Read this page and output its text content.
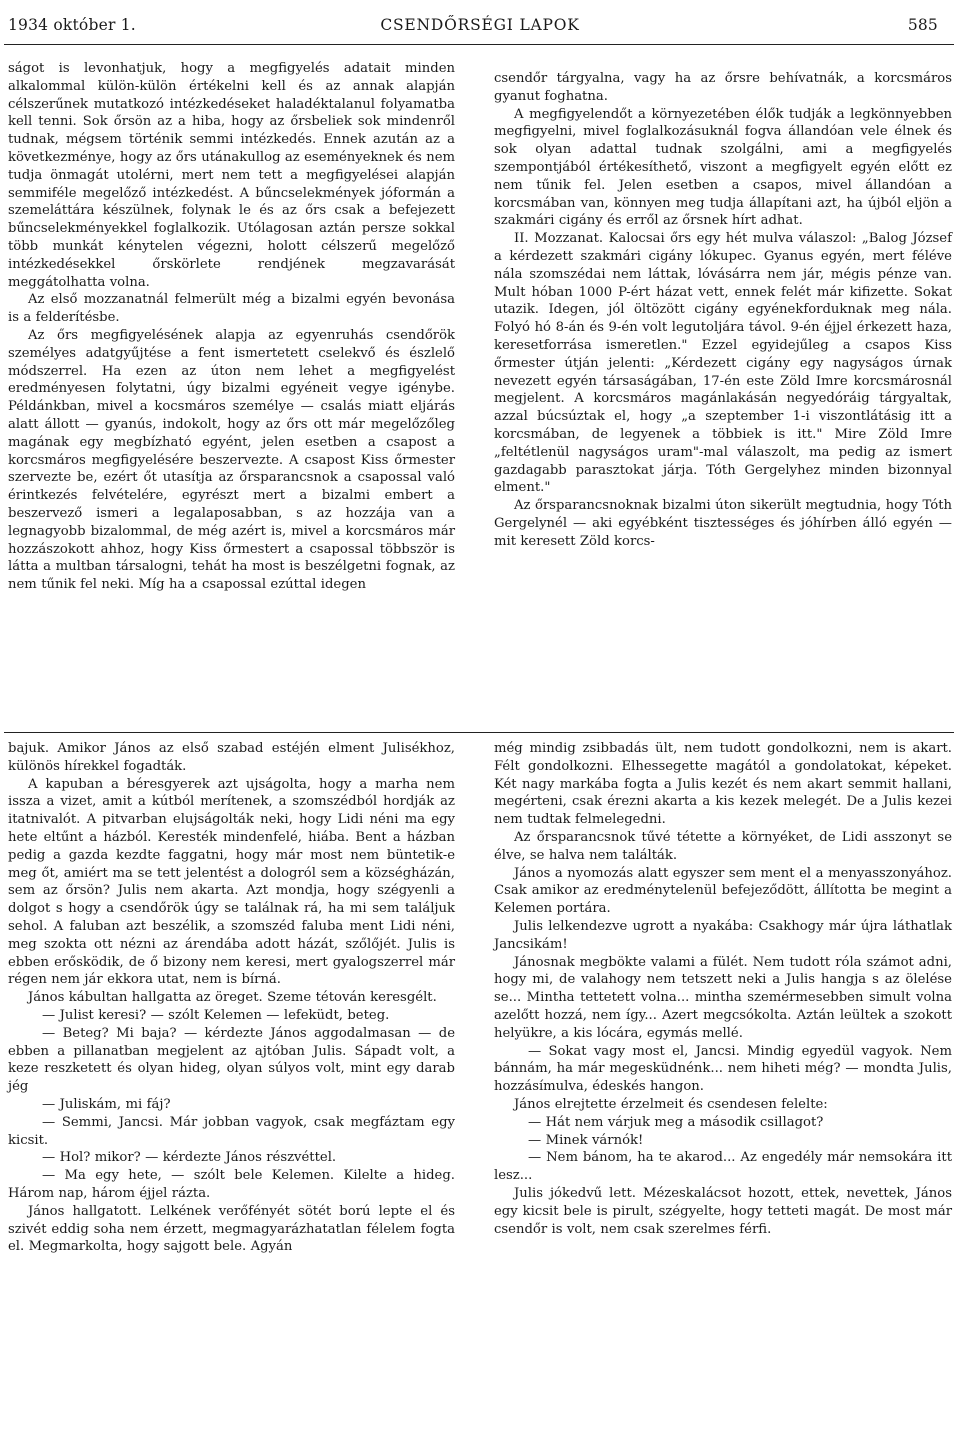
1934 október 1.	CSENDŐRSÉGI LAPOK	585

ságot is levonhatjuk, hogy a megfigyelés adatait minden alkalommal külön-külön értékelni kell és az annak alapján célszerűnek mutatkozó intézkedéseket haladéktalanul folyamatba kell tenni. Sok őrsön az a hiba, hogy az őrsbeliek sok mindenről tudnak, mégsem történik semmi intézkedés. Ennek azután az a következménye, hogy az őrs utánakullog az eseményeknek és nem tudja önmagát utolérni, mert nem tett a megfigyelései alapján semmiféle megelőző intézkedést. A bűncselekmények jóformán a szemeláttára készülnek, folynak le és az őrs csak a befejezett bűncselekményekkel foglalkozik. Utólagosan aztán persze sokkal több munkát kénytelen végezni, holott célszerű megelőző intézkedésekkel őrskörlete rendjének megzavarását meggátolhatta volna.

Az első mozzanatnál felmerült még a bizalmi egyén bevonása is a felderítésbe.

Az őrs megfigyelésének alapja az egyenruhás csendőrök személyes adatgyűjtése a fent ismertetett cselekvő és észlelő módszerrel. Ha ezen az úton nem lehet a megfigyelést eredményesen folytatni, úgy bizalmi egyéneit vegye igénybe. Példánkban, mivel a kocsmáros személye — csalás miatt eljárás alatt állott — gyanús, indokolt, hogy az őrs ott már megelőzőleg magának egy megbízható egyént, jelen esetben a csapost a korcsmáros megfigyelésére beszervezte. A csapost Kiss őrmester szervezte be, ezért őt utasítja az őrsparancsnok a csapossal való érintkezés felvételére, egyrészt mert a bizalmi embert a beszervező ismeri a legalaposabban, s az hozzája van a legnagyobb bizalommal, de még azért is, mivel a korcsmáros már hozzászokott ahhoz, hogy Kiss őrmestert a csapossal többször is látta a multban társalogni, tehát ha most is beszélgetni fognak, az nem tűnik fel neki. Míg ha a csapossal ezúttal idegen

csendőr tárgyalna, vagy ha az őrsre behívatnák, a korcsmáros gyanut foghatna.

A megfigyelendőt a környezetében élők tudják a legkönnyebben megfigyelni, mivel foglalkozásuknál fogva állandóan vele élnek és sok olyan adattal tudnak szolgálni, ami a megfigyelés szempontjából értékesíthető, viszont a megfigyelt egyén előtt ez nem tűnik fel. Jelen esetben a csapos, mivel állandóan a korcsmában van, könnyen meg tudja állapítani azt, ha újból eljön a szakmári cigány és erről az őrsnek hírt adhat.

II. Mozzanat. Kalocsai őrs egy hét mulva válaszol: „Balog József a kérdezett szakmári cigány lókupec. Gyanus egyén, mert féléve nála szomszédai nem láttak, lóvásárra nem jár, mégis pénze van. Mult hóban 1000 P-ért házat vett, ennek felét már kifizette. Sokat utazik. Idegen, jól öltözött cigány egyénekforduknak meg nála. Folyó hó 8-án és 9-én volt legutoljára távol. 9-én éjjel érkezett haza, keresetforrása ismeretlen." Ezzel egyidejűleg a csapos Kiss őrmester útján jelenti: „Kérdezett cigány egy nagyságos úrnak nevezett egyén társaságában, 17-én este Zöld Imre korcsmárosnál megjelent. A korcsmáros magánlakásán negyedóráig tárgyaltak, azzal búcsúztak el, hogy „a szeptember 1-i viszontlátásig itt a korcsmában, de legyenek a többiek is itt." Mire Zöld Imre „feltétlenül nagyságos uram"-mal válaszolt, ma pedig az ismert gazdagabb parasztokat járja. Tóth Gergelyhez minden bizonnyal elment."

Az őrsparancsnoknak bizalmi úton sikerült megtudnia, hogy Tóth Gergelynél — aki egyébként tisztességes és jóhírben álló egyén — mit keresett Zöld korcs-

bajuk. Amikor János az első szabad estéjén elment Julisékhoz, különös hírekkel fogadták.

A kapuban a béresgyerek azt ujságolta, hogy a marha nem issza a vizet, amit a kútból merítenek, a szomszédból hordják az itatnivalót. A pitvarban elujságolták neki, hogy Lidi néni ma egy hete eltűnt a házból. Keresték mindenfelé, hiába. Bent a házban pedig a gazda kezdte faggatni, hogy már most nem büntetik-e meg őt, amiért ma se tett jelentést a dologról sem a községházán, sem az őrsön? Julis nem akarta. Azt mondja, hogy szégyenli a dolgot s hogy a csendőrök úgy se találnak rá, ha mi sem találjuk sehol. A faluban azt beszélik, a szomszéd faluba ment Lidi néni, meg szokta ott nézni az árendába adott házát, szőlőjét. Julis is ebben erősködik, de ő bizony nem keresi, mert gyalogszerrel már régen nem jár ekkora utat, nem is bírná.

János kábultan hallgatta az öreget. Szeme tétován keresgélt.

— Julist keresi? — szólt Kelemen — lefeküdt, beteg.

— Beteg? Mi baja? — kérdezte János aggodalmasan — de ebben a pillanatban megjelent az ajtóban Julis. Sápadt volt, a keze reszketett és olyan hideg, olyan súlyos volt, mint egy darab jég

— Juliskám, mi fáj?

— Semmi, Jancsi. Már jobban vagyok, csak megfáztam egy kicsit.

— Hol? mikor? — kérdezte János részvéttel.

— Ma egy hete, — szólt bele Kelemen. Kilelte a hideg. Három nap, három éjjel rázta.

János hallgatott. Lelkének verőfényét sötét ború lepte el és szivét eddig soha nem érzett, megmagyarázhatatlan félelem fogta el. Megmarkolta, hogy sajgott bele. Agyán

még mindig zsibbadás ült, nem tudott gondolkozni, nem is akart. Félt gondolkozni. Elhessegette magától a gondolatokat, képeket. Két nagy markába fogta a Julis kezét és nem akart semmit hallani, megérteni, csak érezni akarta a kis kezek melegét. De a Julis kezei nem tudtak felmelegedni.

Az őrsparancsnok tűvé tétette a környéket, de Lidi asszonyt se élve, se halva nem találták.

János a nyomozás alatt egyszer sem ment el a menyasszonyához. Csak amikor az eredménytelenül befejeződött, állította be megint a Kelemen portára.

Julis lelkendezve ugrott a nyakába: Csakhogy már újra láthatlak Jancsikám!

Jánosnak megbökte valami a fülét. Nem tudott róla számot adni, hogy mi, de valahogy nem tetszett neki a Julis hangja s az ölelése se... Mintha tettetett volna... mintha szemérmesebben simult volna azelőtt hozzá, nem így... Azert megcsókolta. Aztán leültek a szokott helyükre, a kis lócára, egymás mellé.

— Sokat vagy most el, Jancsi. Mindig egyedül vagyok. Nem bánnám, ha már megesküdnénk... nem hiheti még? — mondta Julis, hozzásímulva, édeskés hangon.

János elrejtette érzelmeit és csendesen felelte:

— Hát nem várjuk meg a második csillagot?

— Minek várnók!

— Nem bánom, ha te akarod... Az engedély már nemsokára itt lesz...

Julis jókedvű lett. Mézeskalácsot hozott, ettek, nevettek, János egy kicsit bele is pirult, szégyelte, hogy tetteti magát. De most már csendőr is volt, nem csak szerelmes férfi.
